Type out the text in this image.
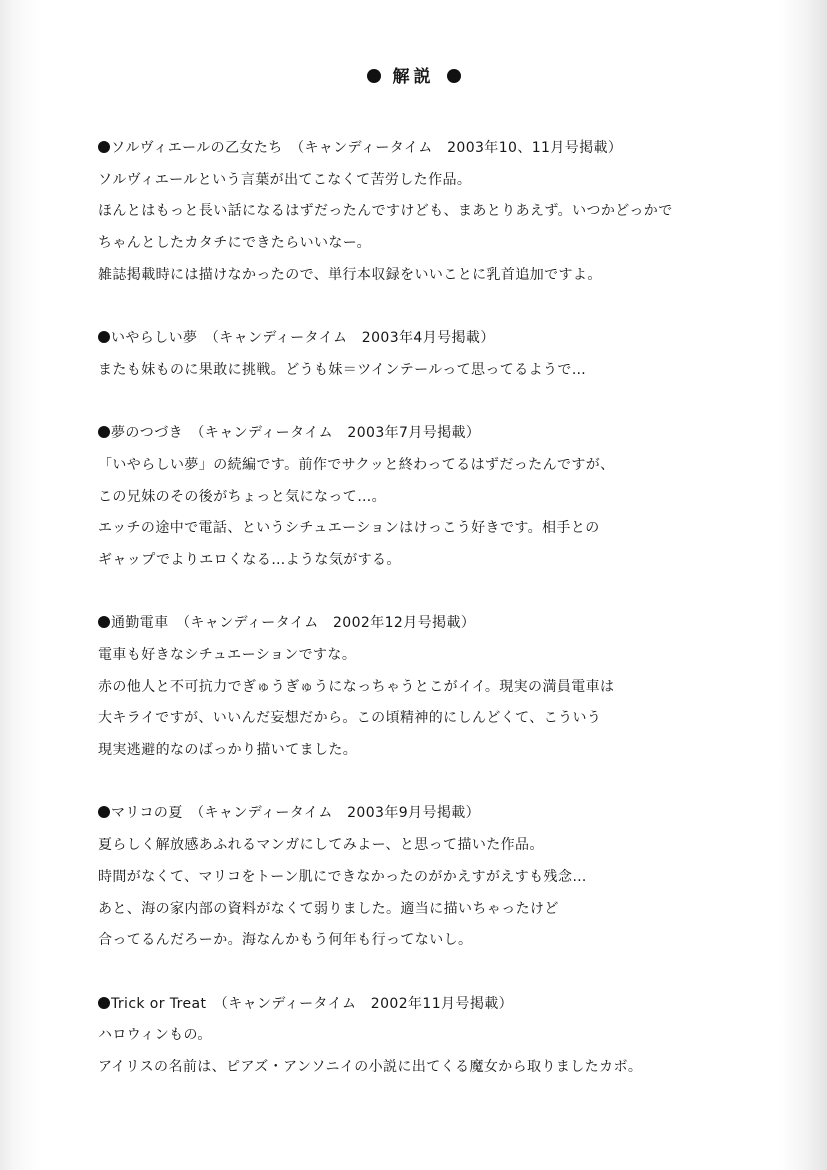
解説
ソルヴィエールの乙女たち　（キャンディータイム　2003年10、11月号掲載）
ソルヴィエールという言葉が出てこなくて苦労した作品。
ほんとはもっと長い話になるはずだったんですけども、まあとりあえず。いつかどっかで
ちゃんとしたカタチにできたらいいなー。
雑誌掲載時には描けなかったので、単行本収録をいいことに乳首追加ですよ。
いやらしい夢　（キャンディータイム　2003年4月号掲載）
またも妹ものに果敢に挑戦。どうも妹＝ツインテールって思ってるようで…
夢のつづき　（キャンディータイム　2003年7月号掲載）
「いやらしい夢」の続編です。前作でサクッと終わってるはずだったんですが、
この兄妹のその後がちょっと気になって…。
エッチの途中で電話、というシチュエーションはけっこう好きです。相手との
ギャップでよりエロくなる…ような気がする。
通勤電車　（キャンディータイム　2002年12月号掲載）
電車も好きなシチュエーションですな。
赤の他人と不可抗力でぎゅうぎゅうになっちゃうとこがイイ。現実の満員電車は
大キライですが、いいんだ妄想だから。この頃精神的にしんどくて、こういう
現実逃避的なのばっかり描いてました。
マリコの夏　（キャンディータイム　2003年9月号掲載）
夏らしく解放感あふれるマンガにしてみよー、と思って描いた作品。
時間がなくて、マリコをトーン肌にできなかったのがかえすがえすも残念…
あと、海の家内部の資料がなくて弱りました。適当に描いちゃったけど
合ってるんだろーか。海なんかもう何年も行ってないし。
Trick or Treat　（キャンディータイム　2002年11月号掲載）
ハロウィンもの。
アイリスの名前は、ピアズ・アンソニイの小説に出てくる魔女から取りましたカボ。
